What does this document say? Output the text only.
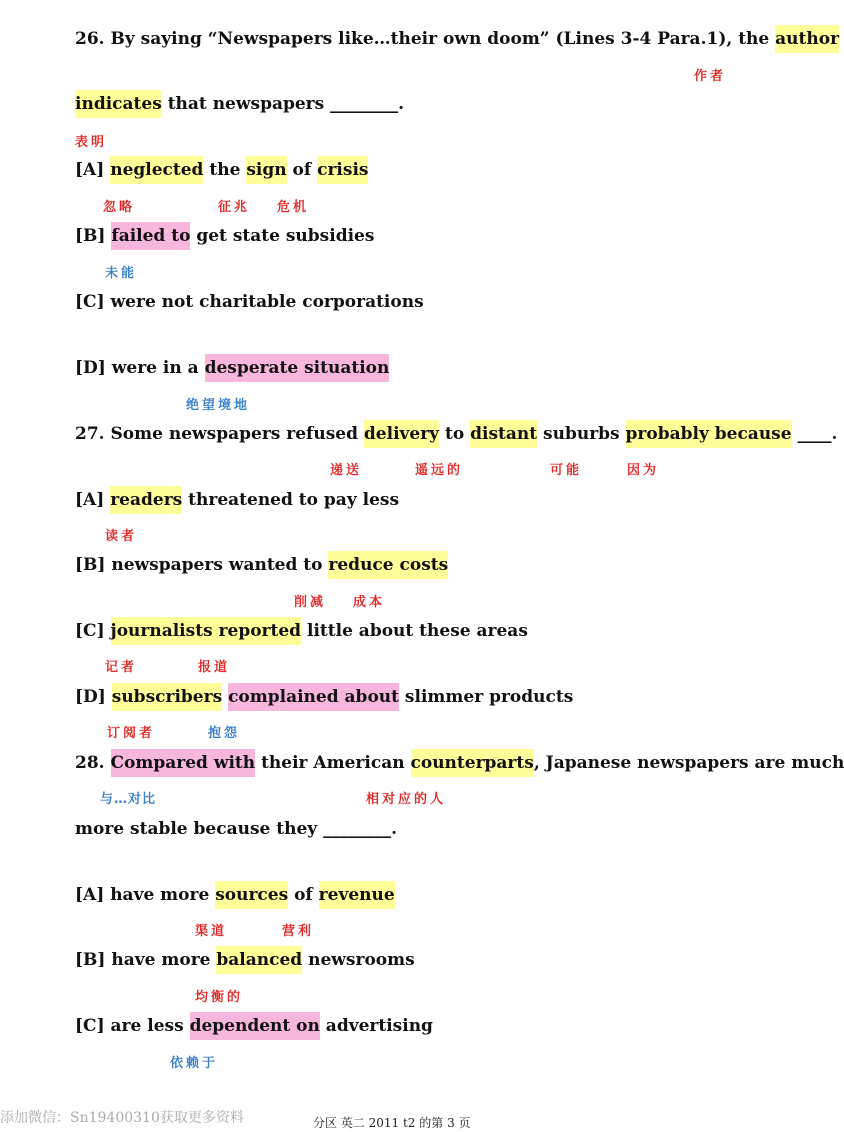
26. By saying “Newspapers like…their own doom” (Lines 3-4 Para.1), the author
作者
indicates that newspapers ________.
表明
[A] neglected the sign of crisis
忽略	征兆 危机
[B] failed to get state subsidies
未能
[C] were not charitable corporations
[D] were in a desperate situation
绝望境地
27. Some newspapers refused delivery to distant suburbs probably because ____.
递送	遥远的	可能	因为
[A] readers threatened to pay less
读者
[B] newspapers wanted to reduce costs
削减 成本
[C] journalists reported little about these areas
记者	报道
[D] subscribers complained about slimmer products
订阅者	抱怨
28. Compared with their American counterparts, Japanese newspapers are much
与…对比	相对应的人
more stable because they ________.
[A] have more sources of revenue
渠道	营利
[B] have more balanced newsrooms
均衡的
[C] are less dependent on advertising
依赖于
添加微信：Sn19400310获取更多资料	分区 英二 2011 t2 的第 3 页
